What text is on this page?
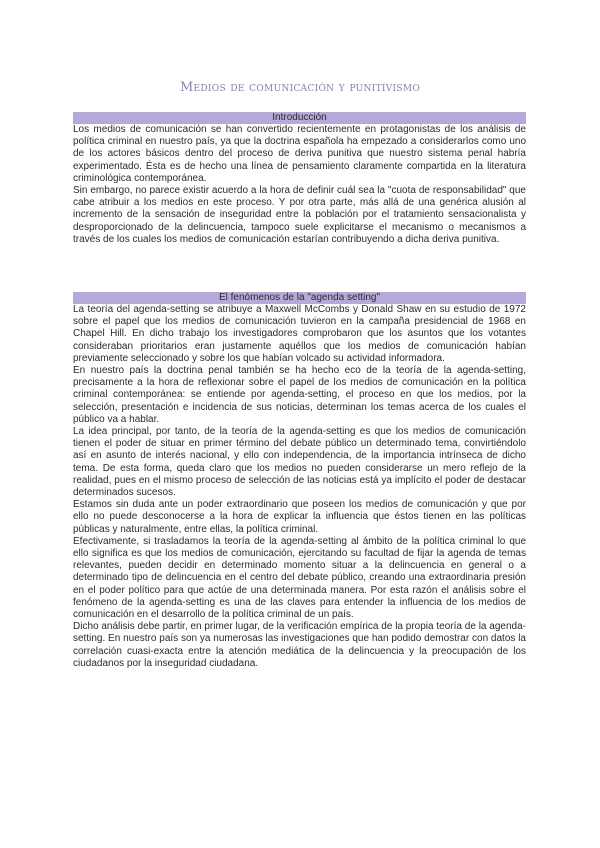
Medios de comunicación y punitivismo
Introducción

Los medios de comunicación se han convertido recientemente en protagonistas de los análisis de política criminal en nuestro país, ya que la doctrina española ha empezado a considerarlos como uno de los actores básicos dentro del proceso de deriva punitiva que nuestro sistema penal habría experimentado. Ésta es de hecho una línea de pensamiento claramente compartida en la literatura criminológica contemporánea.

Sin embargo, no parece existir acuerdo a la hora de definir cuál sea la "cuota de responsabilidad" que cabe atribuir a los medios en este proceso. Y por otra parte, más allá de una genérica alusión al incremento de la sensación de inseguridad entre la población por el tratamiento sensacionalista y desproporcionado de la delincuencia, tampoco suele explicitarse el mecanismo o mecanismos a través de los cuales los medios de comunicación estarían contribuyendo a dicha deriva punitiva.

El fenómenos de la "agenda setting"

La teoría del agenda-setting se atribuye a Maxwell McCombs y Donald Shaw en su estudio de 1972 sobre el papel que los medios de comunicación tuvieron en la campaña presidencial de 1968 en Chapel Hill. En dicho trabajo los investigadores comprobaron que los asuntos que los votantes consideraban prioritarios eran justamente aquéllos que los medios de comunicación habían previamente seleccionado y sobre los que habían volcado su actividad informadora.

En nuestro país la doctrina penal también se ha hecho eco de la teoría de la agenda-setting, precisamente a la hora de reflexionar sobre el papel de los medios de comunicación en la política criminal contemporánea: se entiende por agenda-setting, el proceso en que los medios, por la selección, presentación e incidencia de sus noticias, determinan los temas acerca de los cuales el público va a hablar.

La idea principal, por tanto, de la teoría de la agenda-setting es que los medios de comunicación tienen el poder de situar en primer término del debate público un determinado tema, convirtiéndolo así en asunto de interés nacional, y ello con independencia, de la importancia intrínseca de dicho tema. De esta forma, queda claro que los medios no pueden considerarse un mero reflejo de la realidad, pues en el mismo proceso de selección de las noticias está ya implícito el poder de destacar determinados sucesos.

Estamos sin duda ante un poder extraordinario que poseen los medios de comunicación y que por ello no puede desconocerse a la hora de explicar la influencia que éstos tienen en las políticas públicas y naturalmente, entre ellas, la política criminal.

Efectivamente, si trasladamos la teoría de la agenda-setting al ámbito de la política criminal lo que ello significa es que los medios de comunicación, ejercitando su facultad de fijar la agenda de temas relevantes, pueden decidir en determinado momento situar a la delincuencia en general o a determinado tipo de delincuencia en el centro del debate público, creando una extraordinaria presión en el poder político para que actúe de una determinada manera. Por esta razón el análisis sobre el fenómeno de la agenda-setting es una de las claves para entender la influencia de los medios de comunicación en el desarrollo de la política criminal de un país.

Dicho análisis debe partir, en primer lugar, de la verificación empírica de la propia teoría de la agenda-setting. En nuestro país son ya numerosas las investigaciones que han podido demostrar con datos la correlación cuasi-exacta entre la atención mediática de la delincuencia y la preocupación de los ciudadanos por la inseguridad ciudadana.
